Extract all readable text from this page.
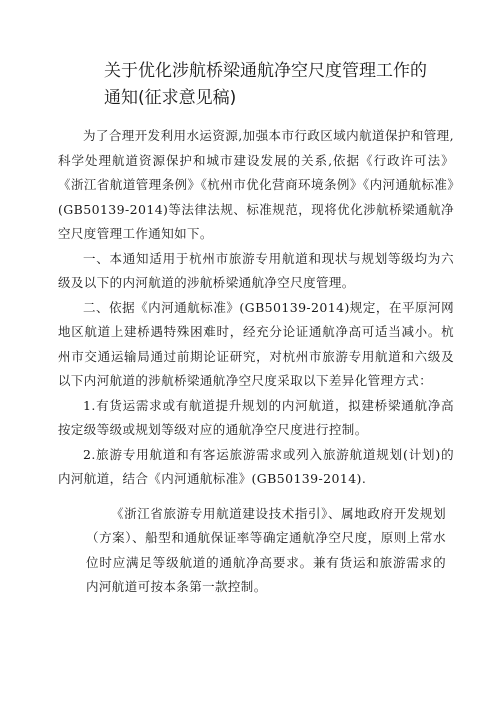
关于优化涉航桥梁通航净空尺度管理工作的
通知(征求意见稿)

为了合理开发利用水运资源,加强本市行政区域内航道保护和管理,科学处理航道资源保护和城市建设发展的关系,依据《行政许可法》《浙江省航道管理条例》《杭州市优化营商环境条例》《内河通航标准》(GB50139-2014)等法律法规、标准规范，现将优化涉航桥梁通航净空尺度管理工作通知如下。

一、本通知适用于杭州市旅游专用航道和现状与规划等级均为六级及以下的内河航道的涉航桥梁通航净空尺度管理。

二、依据《内河通航标准》(GB50139-2014)规定，在平原河网地区航道上建桥遇特殊困难时，经充分论证通航净高可适当减小。杭州市交通运输局通过前期论证研究，对杭州市旅游专用航道和六级及以下内河航道的涉航桥梁通航净空尺度采取以下差异化管理方式：

1.有货运需求或有航道提升规划的内河航道，拟建桥梁通航净高按定级等级或规划等级对应的通航净空尺度进行控制。

2.旅游专用航道和有客运旅游需求或列入旅游航道规划(计划)的内河航道，结合《内河通航标准》(GB50139-2014).

《浙江省旅游专用航道建设技术指引》、属地政府开发规划（方案）、船型和通航保证率等确定通航净空尺度，原则上常水位时应满足等级航道的通航净高要求。兼有货运和旅游需求的内河航道可按本条第一款控制。
